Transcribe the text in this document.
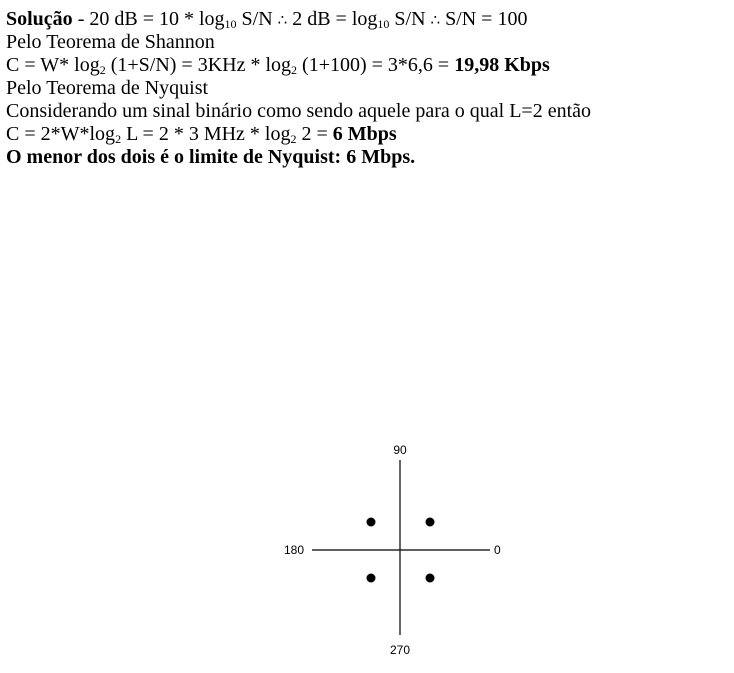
Solução - 20 dB = $10 * \log_{10} S/N$ ∴ 2 dB = $\log_{10} S/N$ ∴ S/N = 100
Pelo Teorema de Shannon
C = W* $\log_2 (1+S/N) = 3KHz * \log_2 (1+100) = 3*6,6 = 19,98$ Kbps
Pelo Teorema de Nyquist
Considerando um sinal binário como sendo aquele para o qual L=2 então
$C = 2*W*\log_2$ L = 2 * 3 MHz * $\log_2 2 = 6$ Mbps
O menor dos dois é o limite de Nyquist: 6 Mbps.
90
180	0
270
